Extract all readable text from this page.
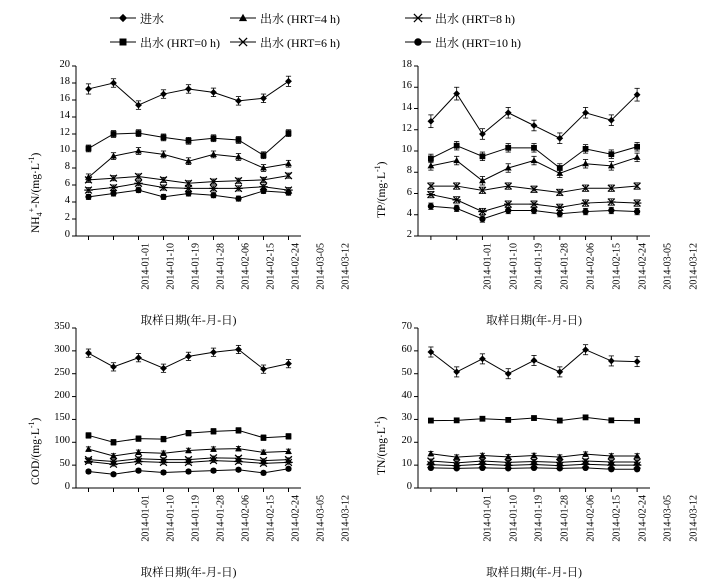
进水	出水 (HRT=4 h)	出水 (HRT=8 h)
出水 (HRT=0 h)	出水 (HRT=6 h)	出水 (HRT=10 h)
0
2
4
6
8
10
12
14
16
18
20
2014-01-01 2014-01-10 2014-01-19 2014-01-28 2014-02-06 2014-02-15 2014-02-24 2014-03-05 2014-03-12
$NH_4^+-N/(mg\cdot L^{-1})$
取样日期(年-月-日)
2
4
6
8
10
12
14
16
18
2014-01-01 2014-01-10 2014-01-19 2014-01-28 2014-02-06 2014-02-15 2014-02-24 2014-03-05 2014-03-12
$TP/(mg\cdot L^{-1})$
取样日期(年-月-日)
0
50
100
150
200
250
300
350
2014-01-01 2014-01-10 2014-01-19 2014-01-28 2014-02-06 2014-02-15 2014-02-24 2014-03-05 2014-03-12
COD/$(mg\cdot L^{-1})$
取样日期(年-月-日)
0
10
20
30
40
50
60
70
2014-01-01 2014-01-10 2014-01-19 2014-01-28 2014-02-06 2014-02-15 2014-02-24 2014-03-05 2014-03-12
$TN/(mg\cdot L^{-1})$
取样日期(年-月-日)
